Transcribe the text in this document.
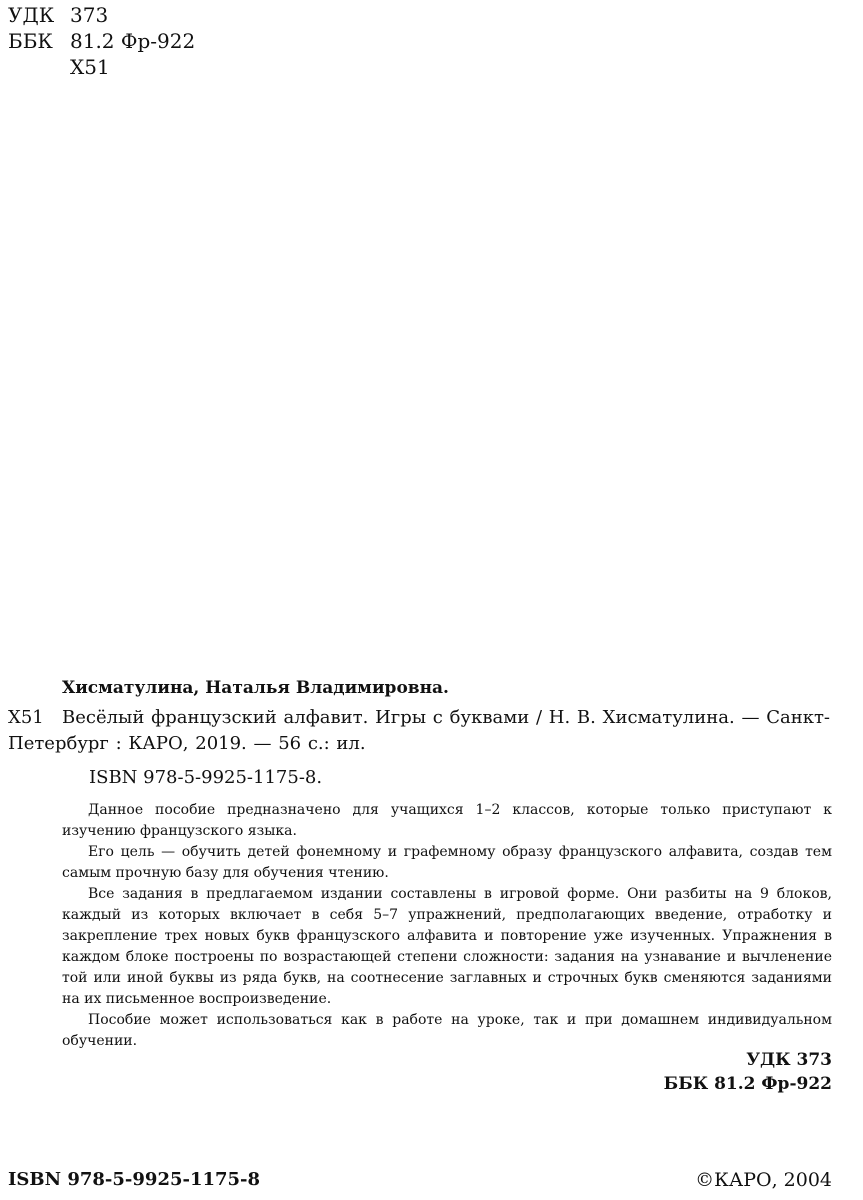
УДК 373
ББК 81.2 Фр-922
Х51
Хисматулина, Наталья Владимировна.
Х51 Весёлый французский алфавит. Игры с буквами / Н. В. Хисматулина. — Санкт-
Петербург : КАРО, 2019. — 56 с.: ил.
ISBN 978-5-9925-1175-8.

Данное пособие предназначено для учащихся 1–2 классов, которые только приступают к изучению французского языка.

Его цель — обучить детей фонемному и графемному образу французского алфавита, создав тем самым прочную базу для обучения чтению.

Все задания в предлагаемом издании составлены в игровой форме. Они разбиты на 9 блоков, каждый из которых включает в себя 5–7 упражнений, предполагающих введение, отработку и закрепление трех новых букв французского алфавита и повторение уже изученных. Упражнения в каждом блоке построены по возрастающей степени сложности: задания на узнавание и вычленение той или иной буквы из ряда букв, на соотнесение заглавных и строчных букв сменяются заданиями на их письменное воспроизведение.

Пособие может использоваться как в работе на уроке, так и при домашнем индивидуальном обучении.

УДК 373
ББК 81.2 Фр-922
ISBN 978-5-9925-1175-8	©КАРО, 2004
